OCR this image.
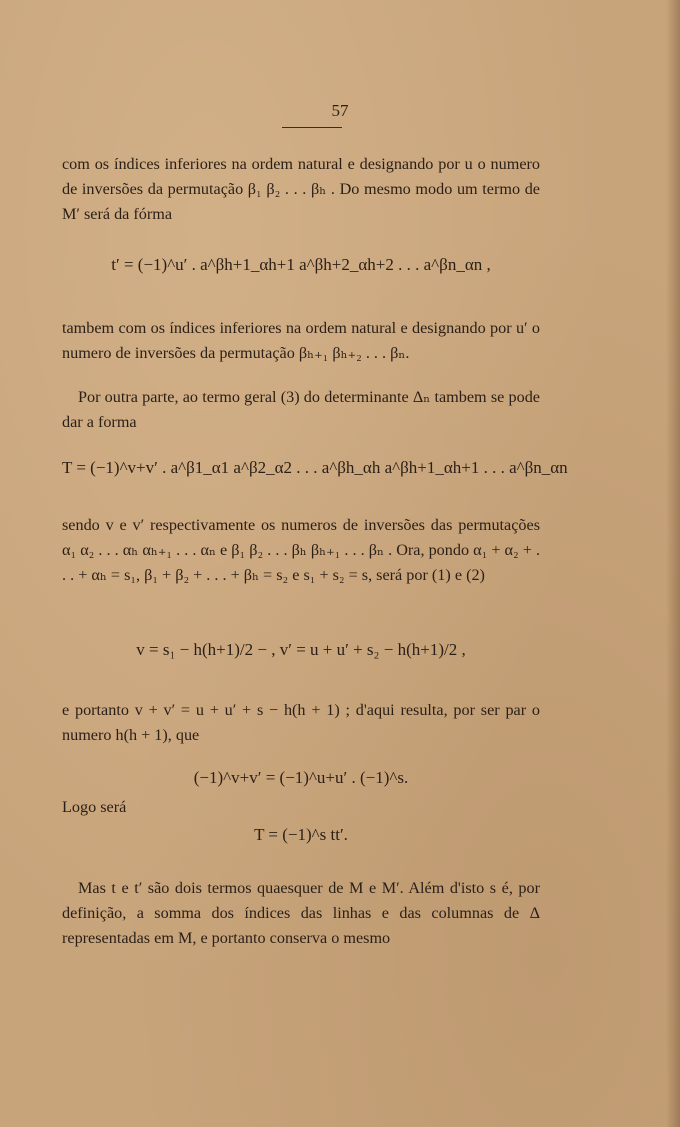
57
com os índices inferiores na ordem natural e designando por u o numero de inversões da permutação β₁ β₂ . . . βₕ . Do mesmo modo um termo de M′ será da fórma
t′ = (−1)^u′ . a^βh+1_αh+1 a^βh+2_αh+2 . . . a^βn_αn ,
tambem com os índices inferiores na ordem natural e designando por u′ o numero de inversões da permutação βₕ₊₁ βₕ₊₂ . . . βₙ.
Por outra parte, ao termo geral (3) do determinante Δₙ tambem se pode dar a forma
T = (−1)^v+v′ . a^β1_α1 a^β2_α2 . . . a^βh_αh a^βh+1_αh+1 . . . a^βn_αn
sendo v e v′ respectivamente os numeros de inversões das permutações α₁ α₂ . . . αₕ αₕ₊₁ . . . αₙ e β₁ β₂ . . . βₕ βₕ₊₁ . . . βₙ . Ora, pondo α₁ + α₂ + . . . + αₕ = s₁, β₁ + β₂ + . . . + βₕ = s₂ e s₁ + s₂ = s, será por (1) e (2)
v = s₁ − h(h+1)/2 − , v′ = u + u′ + s₂ − h(h+1)/2 ,
e portanto v + v′ = u + u′ + s − h(h + 1) ; d'aqui resulta, por ser par o numero h(h + 1), que
(−1)^v+v′ = (−1)^u+u′ . (−1)^s.
Logo será
T = (−1)^s tt′.
Mas t e t′ são dois termos quaesquer de M e M′. Além d'isto s é, por definição, a somma dos índices das linhas e das columnas de Δ representadas em M, e portanto conserva o mesmo
